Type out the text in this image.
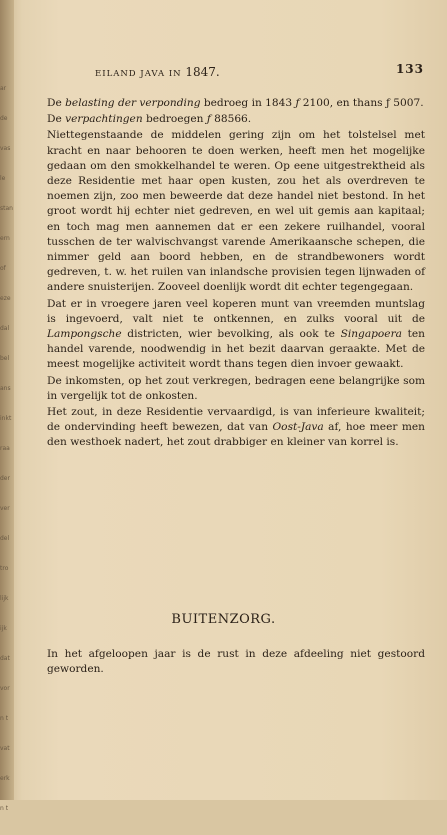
ar
de
vas
le
stan
ern
of
eze
dal
bel
ans
inkt
raa
der
ver
del
tro
lijk
ijk
dat
vor
n t
vat
erk
n t
EILAND JAVA IN 1847.	133

De belasting der verponding bedroeg in 1843 ƒ 2100, en thans ƒ 5007.

De verpachtingen bedroegen ƒ 88566.

Niettegenstaande de middelen gering zijn om het tolstelsel met kracht en naar behooren te doen werken, heeft men het mogelijke gedaan om den smokkelhandel te weren. Op eene uitgestrektheid als deze Residentie met haar open kusten, zou het als overdreven te noemen zijn, zoo men beweerde dat deze handel niet bestond. In het groot wordt hij echter niet gedreven, en wel uit gemis aan kapitaal; en toch mag men aannemen dat er een zekere ruilhandel, vooral tusschen de ter walvischvangst varende Amerikaansche schepen, die nimmer geld aan boord hebben, en de strandbewoners wordt gedreven, t. w. het ruilen van inlandsche provisien tegen lijnwaden of andere snuisterijen. Zooveel doenlijk wordt dit echter tegengegaan.

Dat er in vroegere jaren veel koperen munt van vreemden muntslag is ingevoerd, valt niet te ontkennen, en zulks vooral uit de Lampongsche districten, wier bevolking, als ook te Singapoera ten handel varende, noodwendig in het bezit daarvan geraakte. Met de meest mogelijke activiteit wordt thans tegen dien invoer gewaakt.

De inkomsten, op het zout verkregen, bedragen eene belangrijke som in vergelijk tot de onkosten.

Het zout, in deze Residentie vervaardigd, is van inferieure kwaliteit; de ondervinding heeft bewezen, dat van Oost-Java af, hoe meer men den westhoek nadert, het zout drabbiger en kleiner van korrel is.

BUITENZORG.

In het afgeloopen jaar is de rust in deze afdeeling niet gestoord geworden.
